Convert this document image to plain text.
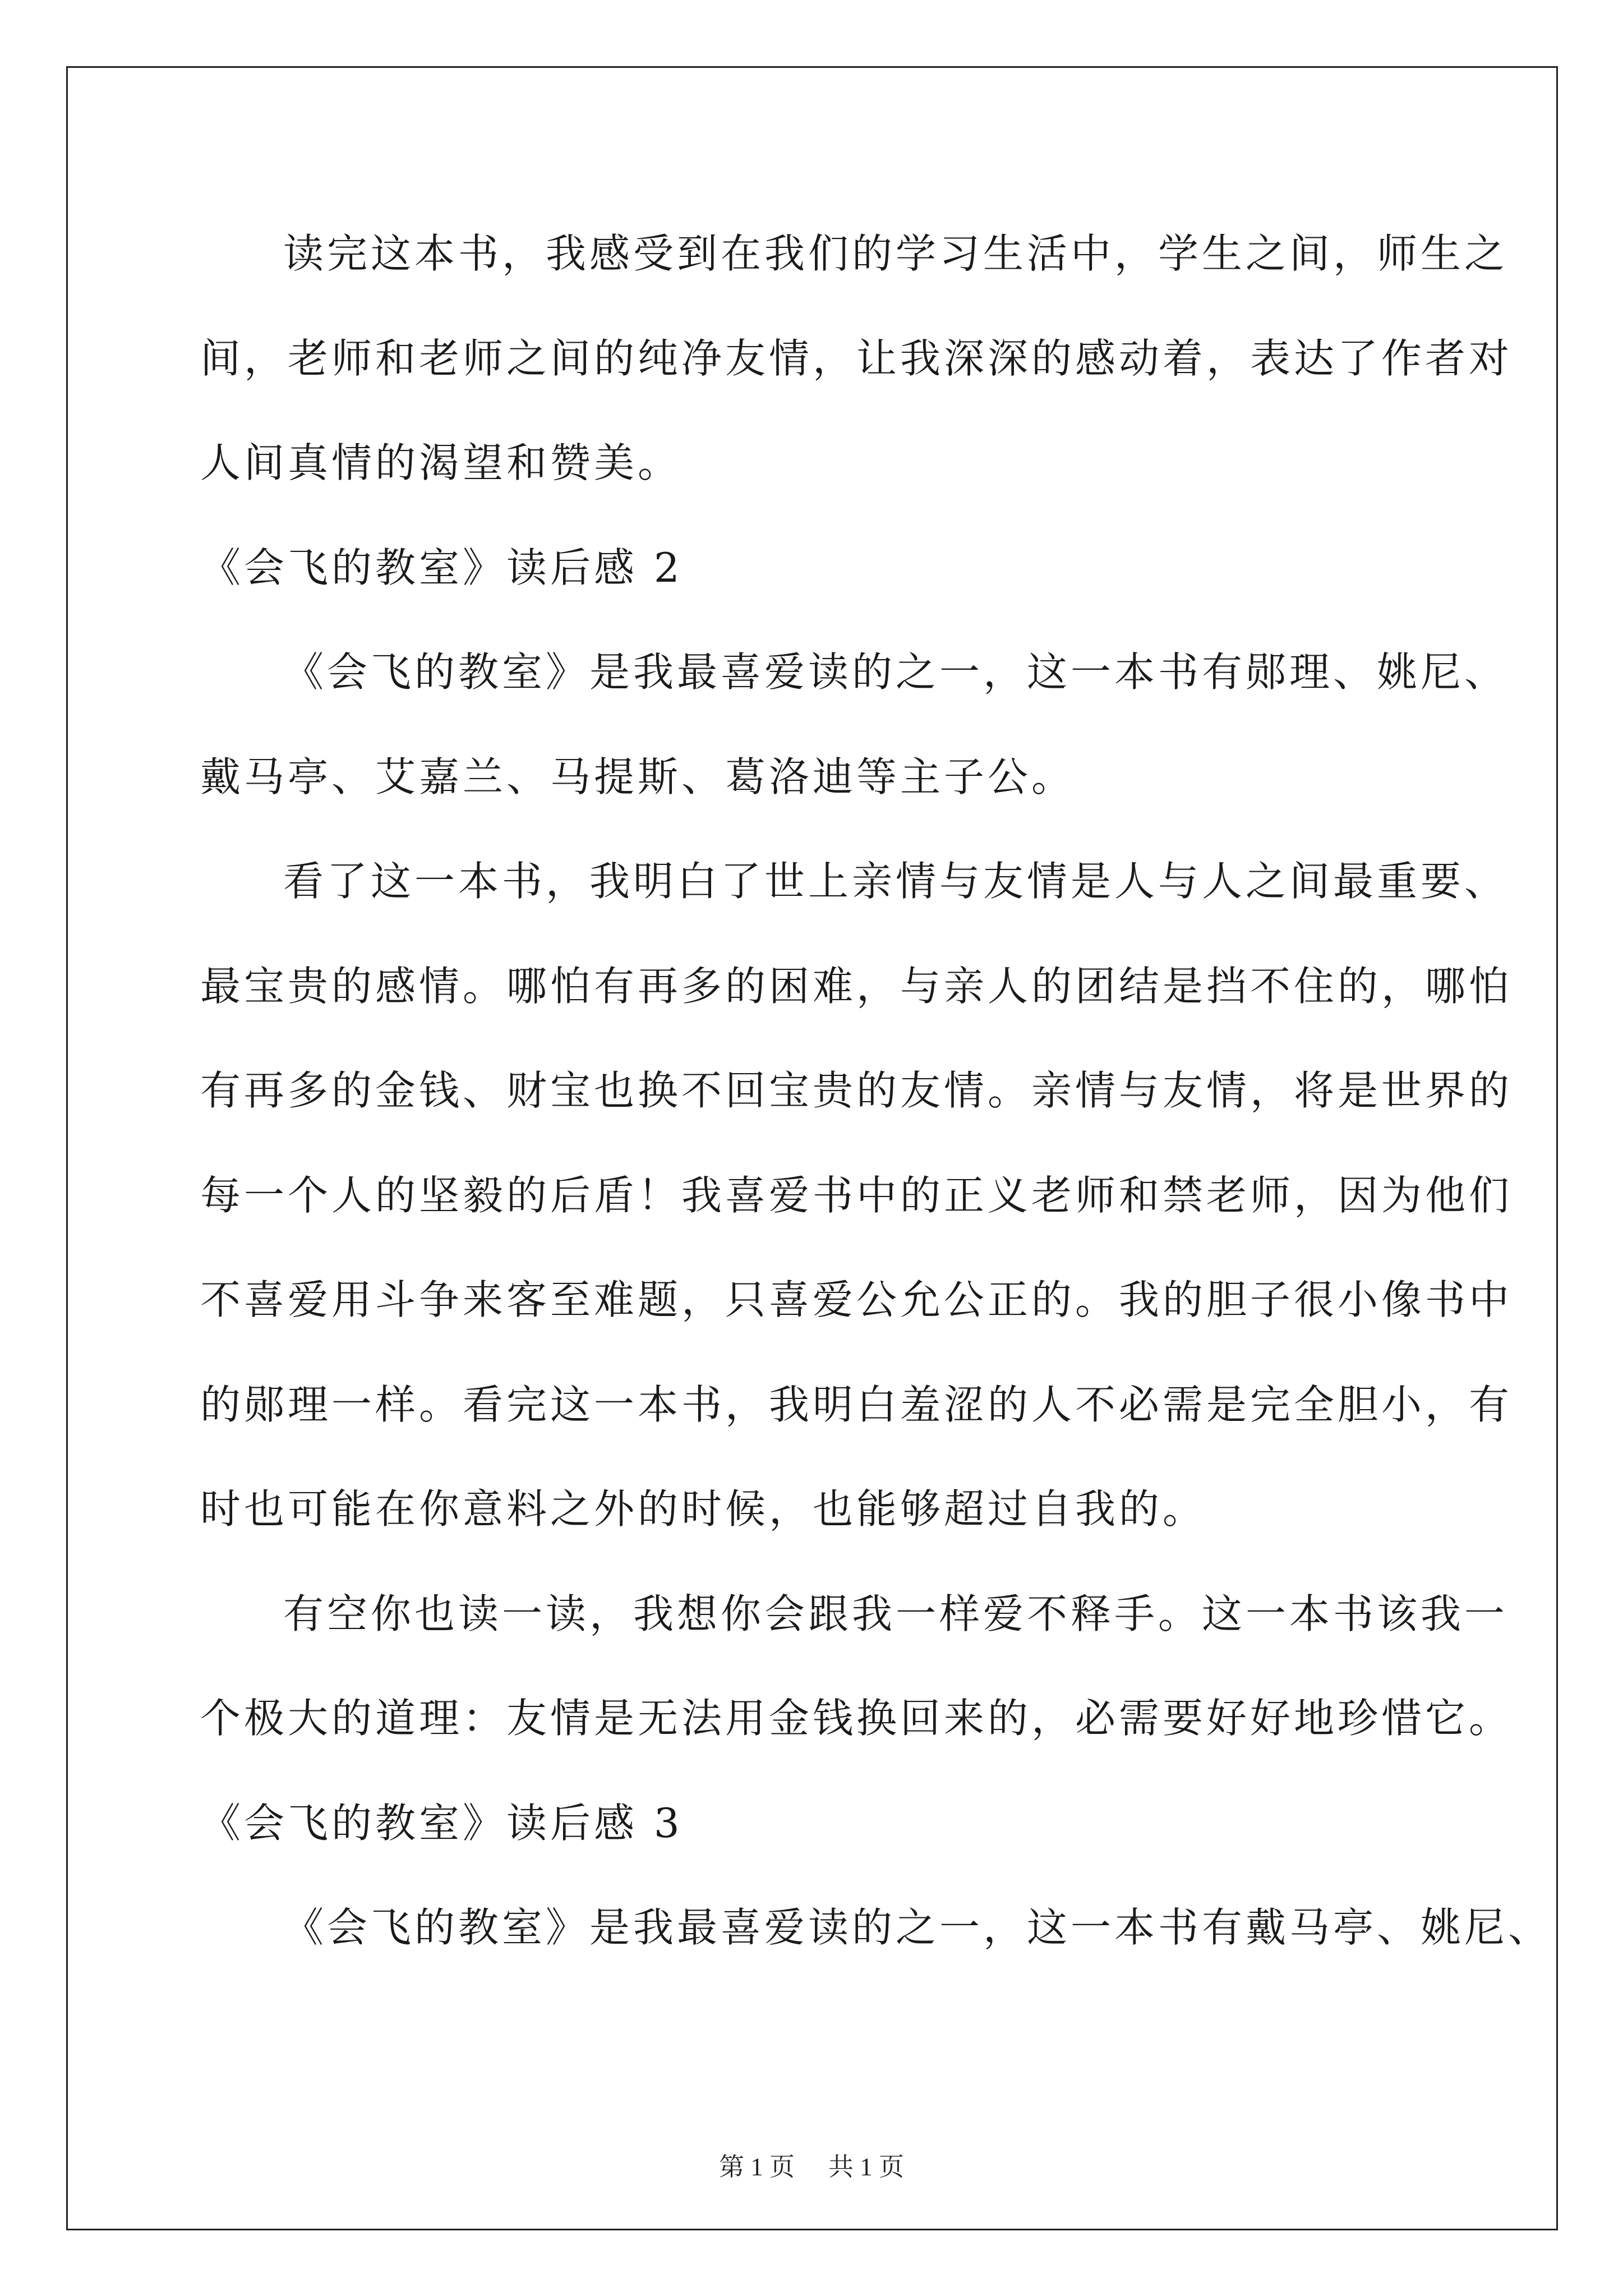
读完这本书，我感受到在我们的学习生活中，学生之间，师生之
间，老师和老师之间的纯净友情，让我深深的感动着，表达了作者对
人间真情的渴望和赞美。
《会飞的教室》读后感 2
《会飞的教室》是我最喜爱读的之一，这一本书有郧理、姚尼、
戴马亭、艾嘉兰、马提斯、葛洛迪等主子公。
看了这一本书，我明白了世上亲情与友情是人与人之间最重要、
最宝贵的感情。哪怕有再多的困难，与亲人的团结是挡不住的，哪怕
有再多的金钱、财宝也换不回宝贵的友情。亲情与友情，将是世界的
每一个人的坚毅的后盾！我喜爱书中的正义老师和禁老师，因为他们
不喜爱用斗争来客至难题，只喜爱公允公正的。我的胆子很小像书中
的郧理一样。看完这一本书，我明白羞涩的人不必需是完全胆小，有
时也可能在你意料之外的时候，也能够超过自我的。
有空你也读一读，我想你会跟我一样爱不释手。这一本书该我一
个极大的道理：友情是无法用金钱换回来的，必需要好好地珍惜它。
《会飞的教室》读后感 3
《会飞的教室》是我最喜爱读的之一，这一本书有戴马亭、姚尼、
第 1 页 共 1 页
